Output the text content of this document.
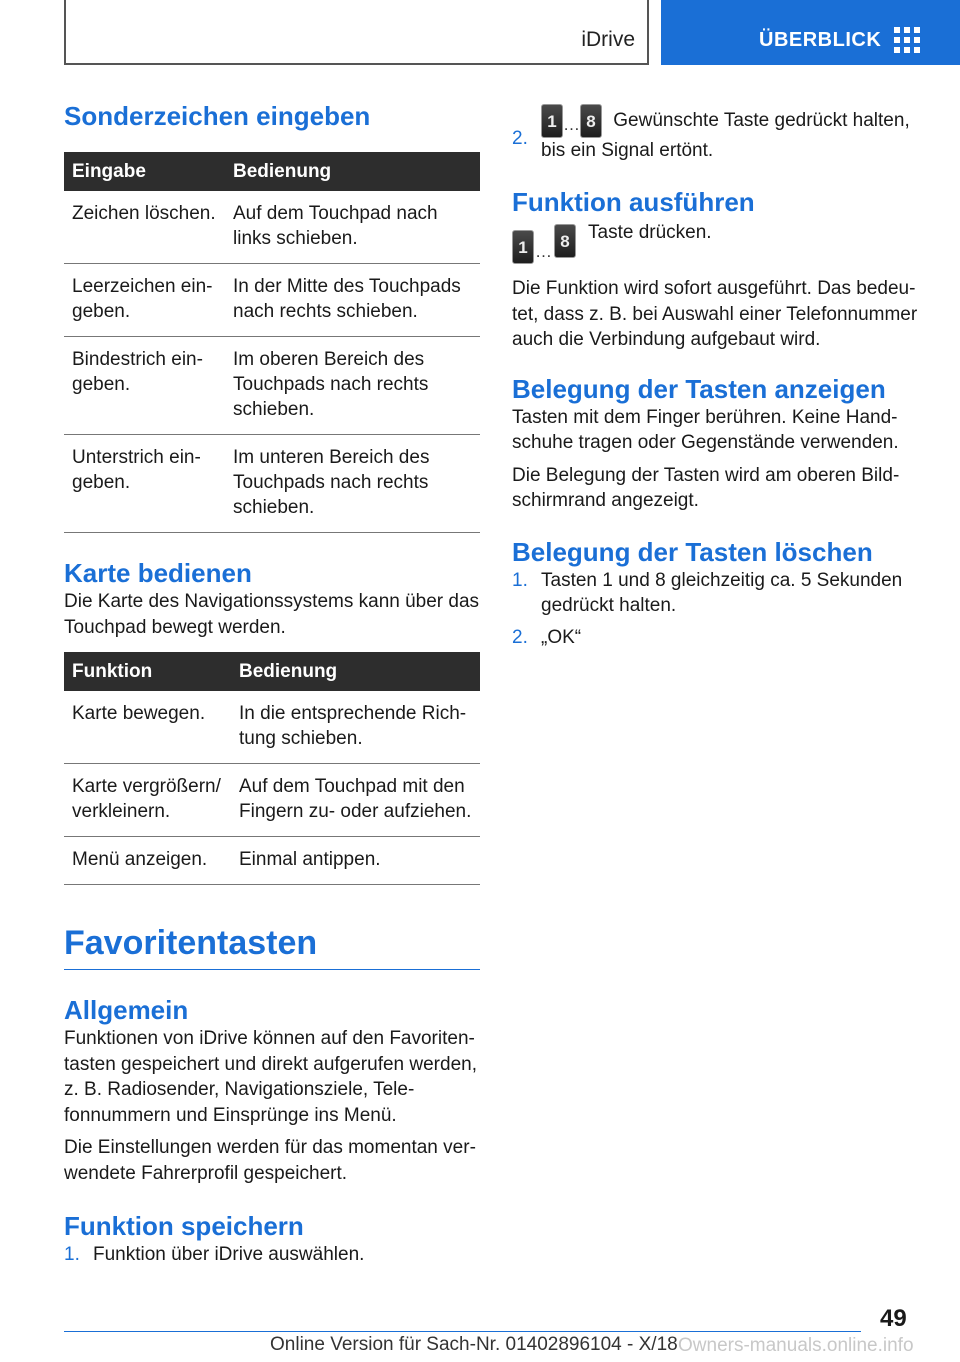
iDrive	ÜBERBLICK
Sonderzeichen eingeben
Eingabe	Bedienung
Zeichen löschen.	Auf dem Touchpad nach links schieben.
Leerzeichen eingeben.	In der Mitte des Touchpads nach rechts schieben.
Bindestrich eingeben.	Im oberen Bereich des Touchpads nach rechts schieben.
Unterstrich eingeben.	Im unteren Bereich des Touchpads nach rechts schieben.
Karte bedienen

Die Karte des Navigationssystems kann über das Touchpad bewegt werden.

Funktion	Bedienung
Karte bewegen.	In die entsprechende Richtung schieben.
Karte vergrößern/ verkleinern.	Auf dem Touchpad mit den Fingern zu- oder aufziehen.
Menü anzeigen.	Einmal antippen.
Favoritentasten
Allgemein

Funktionen von iDrive können auf den Favoritentasten gespeichert und direkt aufgerufen werden, z. B. Radiosender, Navigationsziele, Telefonnummern und Einsprünge ins Menü.

Die Einstellungen werden für das momentan verwendete Fahrerprofil gespeichert.

Funktion speichern
1. Funktion über iDrive auswählen.
2.
1 … 8 Gewünschte Taste gedrückt halten, bis ein Signal ertönt.
Funktion ausführen
1 …
8 Taste drücken.

Die Funktion wird sofort ausgeführt. Das bedeutet, dass z. B. bei Auswahl einer Telefonnummer auch die Verbindung aufgebaut wird.

Belegung der Tasten anzeigen

Tasten mit dem Finger berühren. Keine Handschuhe tragen oder Gegenstände verwenden.

Die Belegung der Tasten wird am oberen Bildschirmrand angezeigt.

Belegung der Tasten löschen
1. Tasten 1 und 8 gleichzeitig ca. 5 Sekunden gedrückt halten.
2. „OK“
49
Online Version für Sach-Nr. 01402896104 - X/18 Owners-manuals.online.info
